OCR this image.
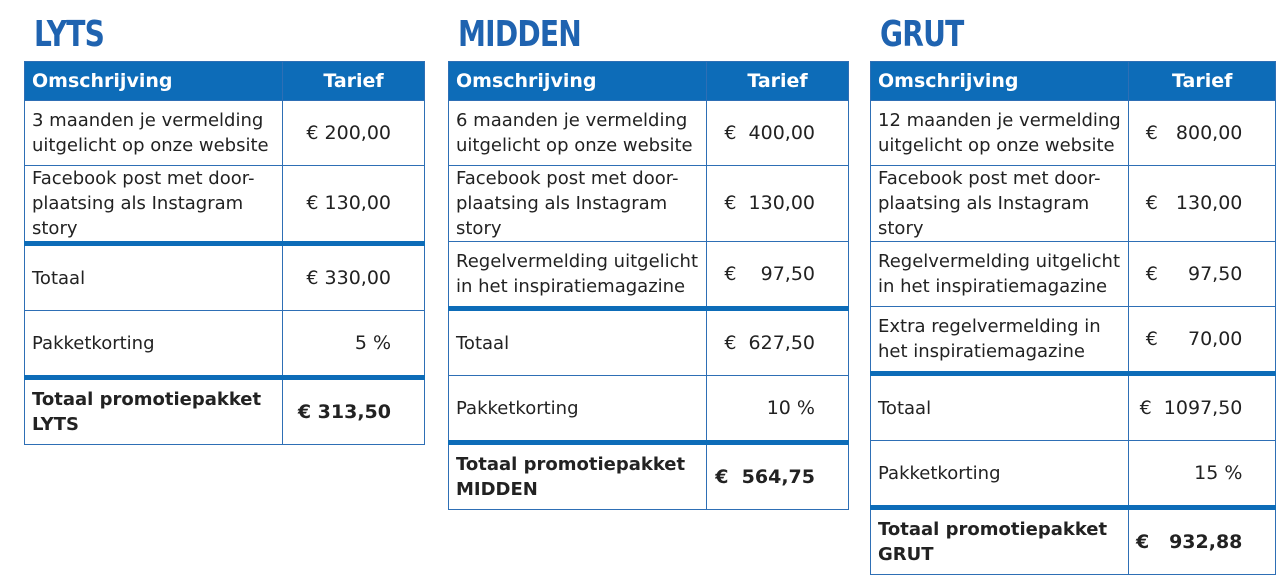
LYTS
Omschrijving	Tarief
3 maanden je vermelding uitgelicht op onze website	€ 200,00
Facebook post met door-plaatsing als Instagram story	€ 130,00
Totaal	€ 330,00
Pakketkorting	5 %
Totaal promotiepakket LYTS	€ 313,50
MIDDEN
Omschrijving	Tarief
6 maanden je vermelding uitgelicht op onze website	€  400,00
Facebook post met door-plaatsing als Instagram story	€  130,00
Regelvermelding uitgelicht in het inspiratiemagazine	€    97,50
Totaal	€  627,50
Pakketkorting	10 %
Totaal promotiepakket MIDDEN	€  564,75
GRUT
Omschrijving	Tarief
12 maanden je vermelding uitgelicht op onze website	€   800,00
Facebook post met door-plaatsing als Instagram story	€   130,00
Regelvermelding uitgelicht in het inspiratiemagazine	€     97,50
Extra regelvermelding in het inspiratiemagazine	€     70,00
Totaal	€  1097,50
Pakketkorting	15 %
Totaal promotiepakket GRUT	€   932,88
